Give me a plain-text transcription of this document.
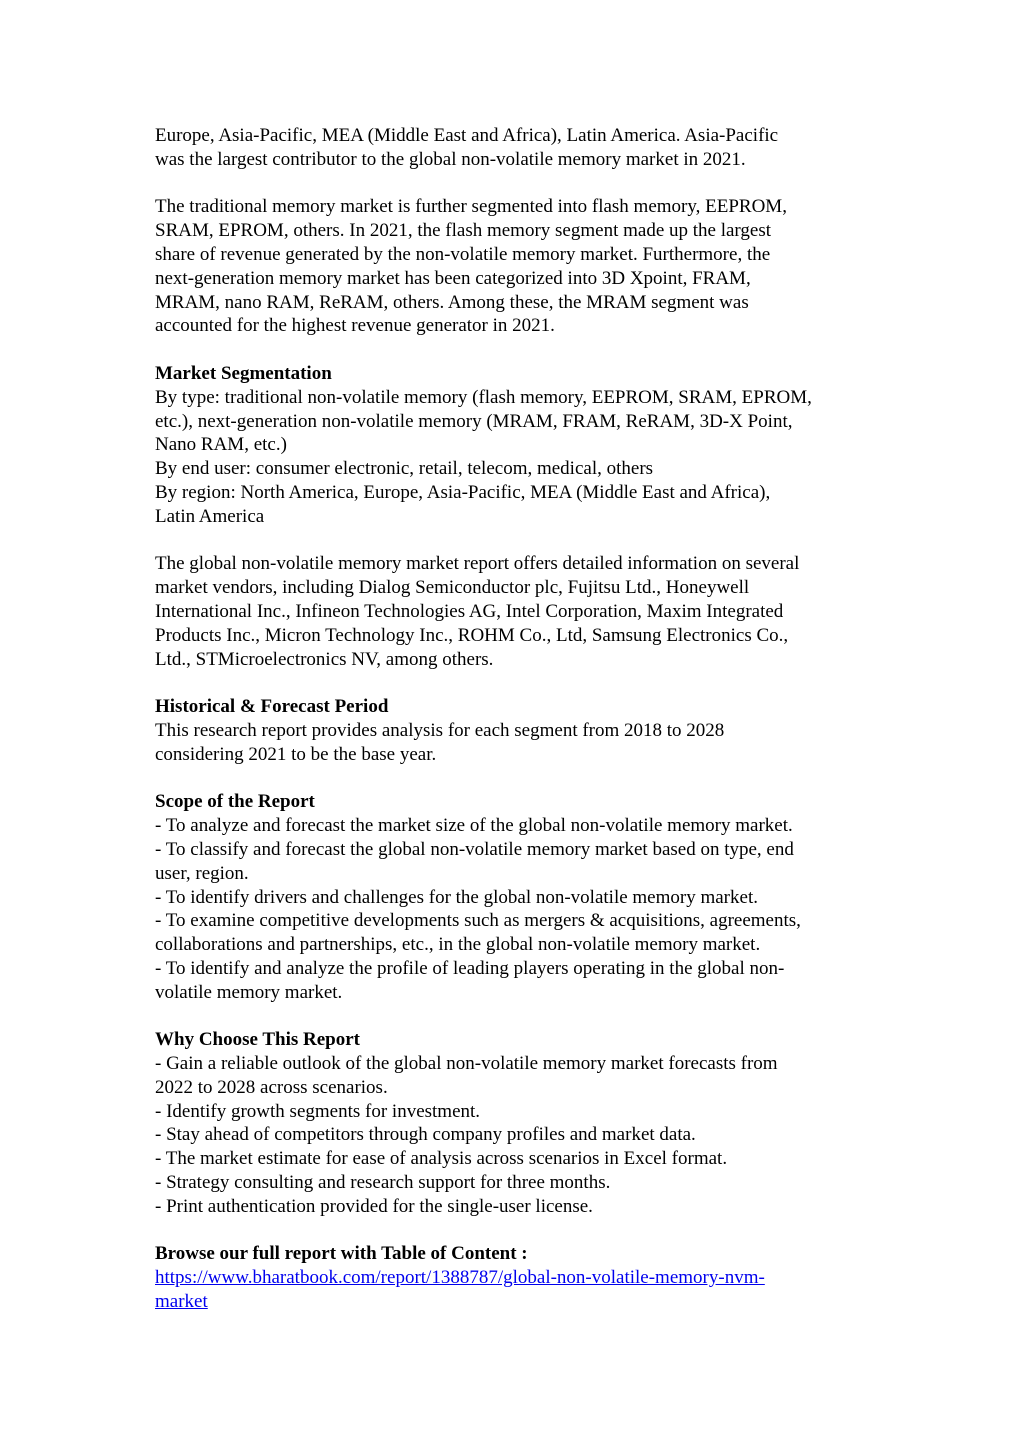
Europe, Asia-Pacific, MEA (Middle East and Africa), Latin America. Asia-Pacific
was the largest contributor to the global non-volatile memory market in 2021.

The traditional memory market is further segmented into flash memory, EEPROM,
SRAM, EPROM, others. In 2021, the flash memory segment made up the largest
share of revenue generated by the non-volatile memory market. Furthermore, the
next-generation memory market has been categorized into 3D Xpoint, FRAM,
MRAM, nano RAM, ReRAM, others. Among these, the MRAM segment was
accounted for the highest revenue generator in 2021.

Market Segmentation
By type: traditional non-volatile memory (flash memory, EEPROM, SRAM, EPROM,
etc.), next-generation non-volatile memory (MRAM, FRAM, ReRAM, 3D-X Point,
Nano RAM, etc.)
By end user: consumer electronic, retail, telecom, medical, others
By region: North America, Europe, Asia-Pacific, MEA (Middle East and Africa),
Latin America

The global non-volatile memory market report offers detailed information on several
market vendors, including Dialog Semiconductor plc, Fujitsu Ltd., Honeywell
International Inc., Infineon Technologies AG, Intel Corporation, Maxim Integrated
Products Inc., Micron Technology Inc., ROHM Co., Ltd, Samsung Electronics Co.,
Ltd., STMicroelectronics NV, among others.

Historical & Forecast Period
This research report provides analysis for each segment from 2018 to 2028
considering 2021 to be the base year.
Scope of the Report
- To analyze and forecast the market size of the global non-volatile memory market.
- To classify and forecast the global non-volatile memory market based on type, end
user, region.
- To identify drivers and challenges for the global non-volatile memory market.
- To examine competitive developments such as mergers & acquisitions, agreements,
collaborations and partnerships, etc., in the global non-volatile memory market.
- To identify and analyze the profile of leading players operating in the global non-
volatile memory market.
Why Choose This Report
- Gain a reliable outlook of the global non-volatile memory market forecasts from
2022 to 2028 across scenarios.
- Identify growth segments for investment.
- Stay ahead of competitors through company profiles and market data.
- The market estimate for ease of analysis across scenarios in Excel format.
- Strategy consulting and research support for three months.
- Print authentication provided for the single-user license.
Browse our full report with Table of Content :
https://www.bharatbook.com/report/1388787/global-non-volatile-memory-nvm-
market
